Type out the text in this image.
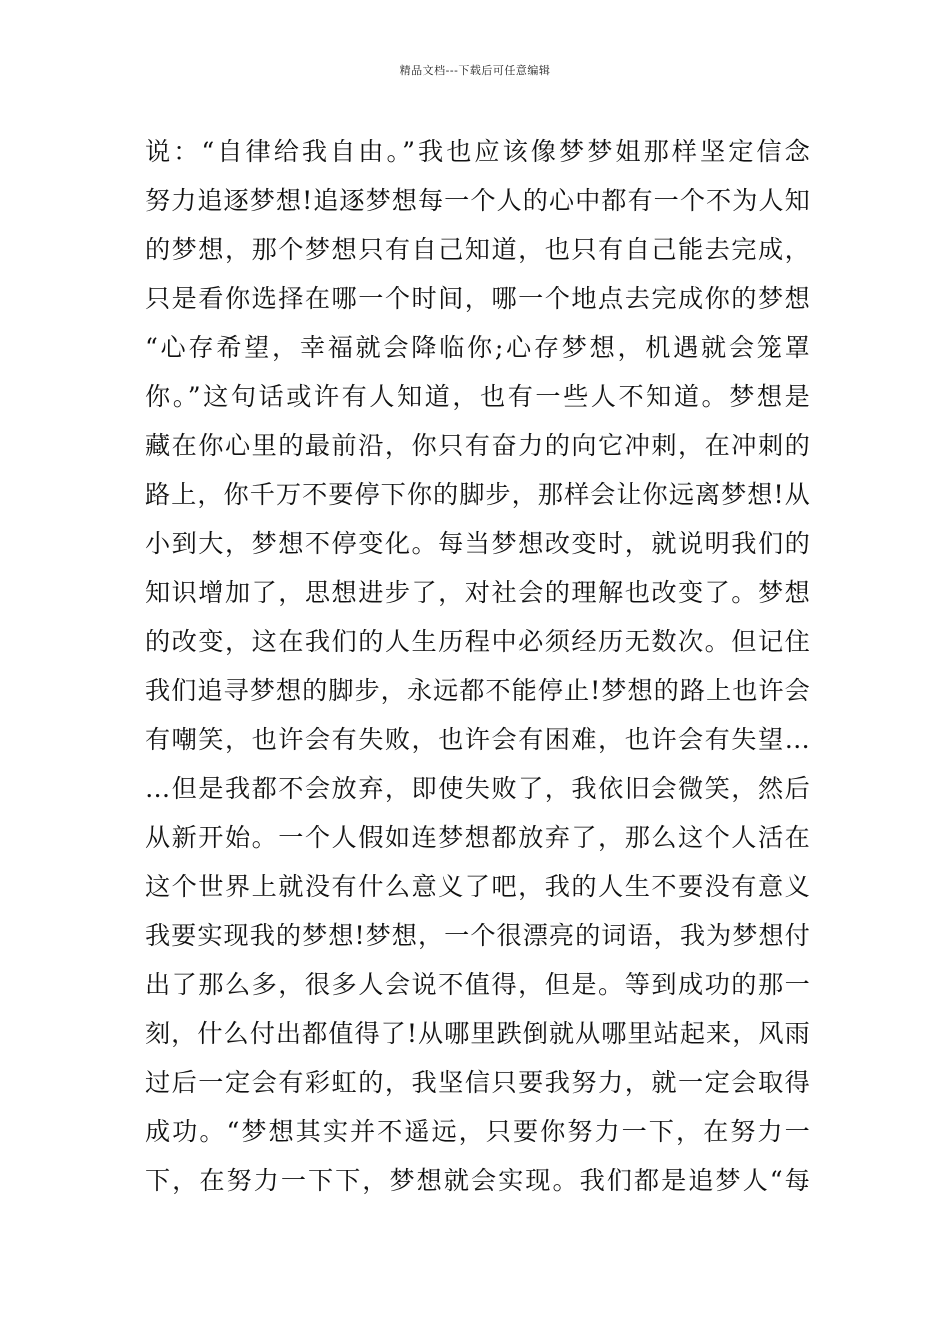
精品文档---下载后可任意编辑
说：“自律给我自由。”我也应该像梦梦姐那样坚定信念
努力追逐梦想!追逐梦想每一个人的心中都有一个不为人知
的梦想，那个梦想只有自己知道，也只有自己能去完成，
只是看你选择在哪一个时间，哪一个地点去完成你的梦想
“心存希望，幸福就会降临你;心存梦想，机遇就会笼罩
你。”这句话或许有人知道，也有一些人不知道。梦想是
藏在你心里的最前沿，你只有奋力的向它冲刺，在冲刺的
路上，你千万不要停下你的脚步，那样会让你远离梦想!从
小到大，梦想不停变化。每当梦想改变时，就说明我们的
知识增加了，思想进步了，对社会的理解也改变了。梦想
的改变，这在我们的人生历程中必须经历无数次。但记住
我们追寻梦想的脚步，永远都不能停止!梦想的路上也许会
有嘲笑，也许会有失败，也许会有困难，也许会有失望…
…但是我都不会放弃，即使失败了，我依旧会微笑，然后
从新开始。一个人假如连梦想都放弃了，那么这个人活在
这个世界上就没有什么意义了吧，我的人生不要没有意义
我要实现我的梦想!梦想，一个很漂亮的词语，我为梦想付
出了那么多，很多人会说不值得，但是。等到成功的那一
刻，什么付出都值得了!从哪里跌倒就从哪里站起来，风雨
过后一定会有彩虹的，我坚信只要我努力，就一定会取得
成功。“梦想其实并不遥远，只要你努力一下，在努力一
下，在努力一下下，梦想就会实现。我们都是追梦人“每
